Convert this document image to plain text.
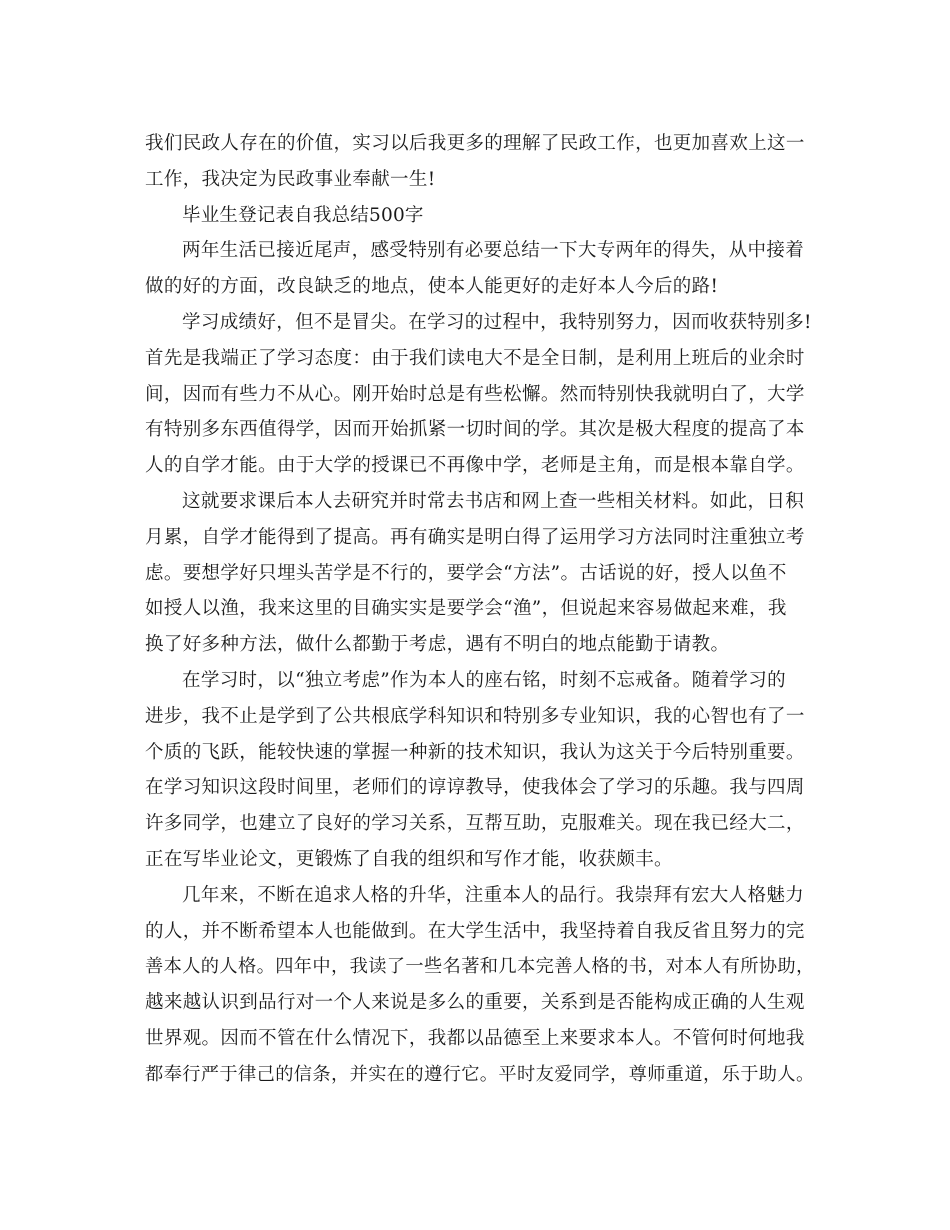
我们民政人存在的价值，实习以后我更多的理解了民政工作，也更加喜欢上这一
工作，我决定为民政事业奉献一生!
毕业生登记表自我总结500字
两年生活已接近尾声，感受特别有必要总结一下大专两年的得失，从中接着
做的好的方面，改良缺乏的地点，使本人能更好的走好本人今后的路!
学习成绩好，但不是冒尖。在学习的过程中，我特别努力，因而收获特别多!
首先是我端正了学习态度：由于我们读电大不是全日制，是利用上班后的业余时
间，因而有些力不从心。刚开始时总是有些松懈。然而特别快我就明白了，大学
有特别多东西值得学，因而开始抓紧一切时间的学。其次是极大程度的提高了本
人的自学才能。由于大学的授课已不再像中学，老师是主角，而是根本靠自学。
这就要求课后本人去研究并时常去书店和网上查一些相关材料。如此，日积
月累，自学才能得到了提高。再有确实是明白得了运用学习方法同时注重独立考
虑。要想学好只埋头苦学是不行的，要学会“方法”。古话说的好，授人以鱼不
如授人以渔，我来这里的目确实实是要学会“渔”，但说起来容易做起来难，我
换了好多种方法，做什么都勤于考虑，遇有不明白的地点能勤于请教。
在学习时，以“独立考虑”作为本人的座右铭，时刻不忘戒备。随着学习的
进步，我不止是学到了公共根底学科知识和特别多专业知识，我的心智也有了一
个质的飞跃，能较快速的掌握一种新的技术知识，我认为这关于今后特别重要。
在学习知识这段时间里，老师们的谆谆教导，使我体会了学习的乐趣。我与四周
许多同学，也建立了良好的学习关系，互帮互助，克服难关。现在我已经大二，
正在写毕业论文，更锻炼了自我的组织和写作才能，收获颇丰。
几年来，不断在追求人格的升华，注重本人的品行。我崇拜有宏大人格魅力
的人，并不断希望本人也能做到。在大学生活中，我坚持着自我反省且努力的完
善本人的人格。四年中，我读了一些名著和几本完善人格的书，对本人有所协助，
越来越认识到品行对一个人来说是多么的重要，关系到是否能构成正确的人生观
世界观。因而不管在什么情况下，我都以品德至上来要求本人。不管何时何地我
都奉行严于律己的信条，并实在的遵行它。平时友爱同学，尊师重道，乐于助人。
